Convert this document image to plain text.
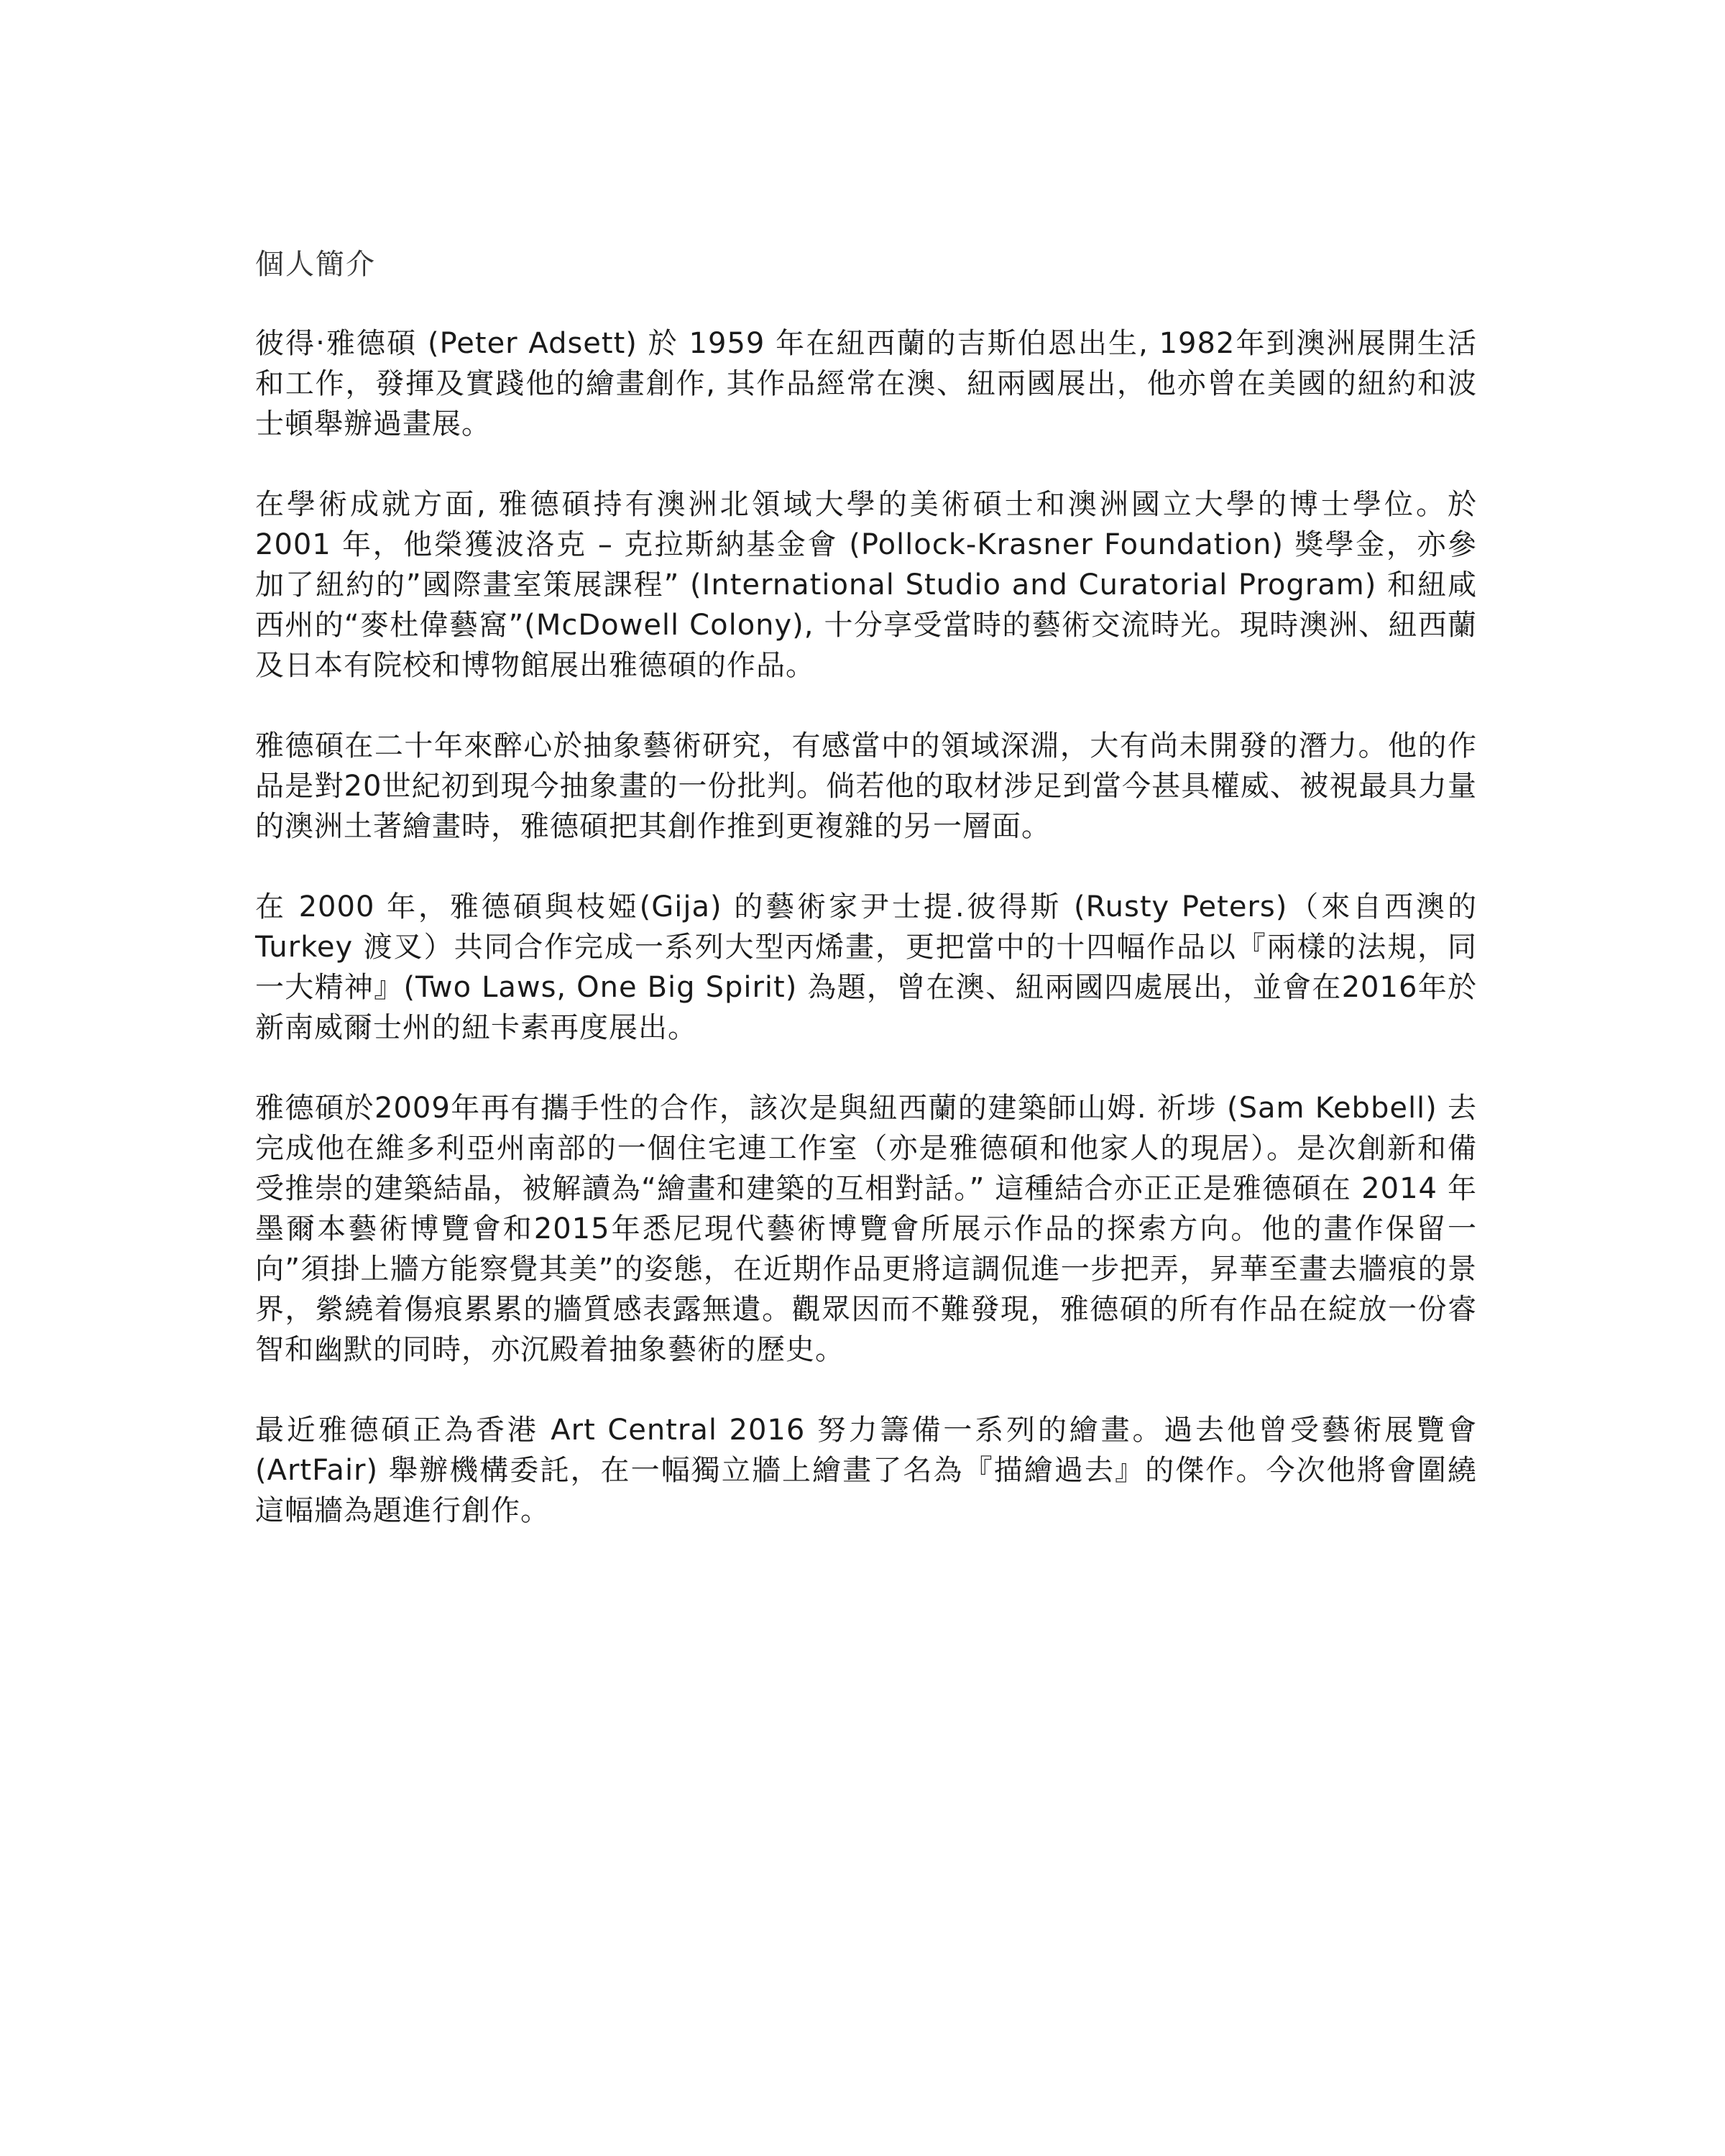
個人簡介

彼得‧雅德碩 (Peter Adsett) 於 1959 年在紐西蘭的吉斯伯恩出生, 1982年到澳洲展開生活和工作，發揮及實踐他的繪畫創作, 其作品經常在澳、紐兩國展出，他亦曾在美國的紐約和波士頓舉辦過畫展。

在學術成就方面, 雅德碩持有澳洲北領域大學的美術碩士和澳洲國立大學的博士學位。於 2001 年，他榮獲波洛克 – 克拉斯納基金會 (Pollock-Krasner Foundation) 獎學金，亦參加了紐約的”國際畫室策展課程” (International Studio and Curatorial Program) 和紐咸西州的“麥杜偉藝窩”(McDowell Colony), 十分享受當時的藝術交流時光。現時澳洲、紐西蘭及日本有院校和博物館展出雅德碩的作品。

雅德碩在二十年來醉心於抽象藝術研究，有感當中的領域深淵，大有尚未開發的潛力。他的作品是對20世紀初到現今抽象畫的一份批判。倘若他的取材涉足到當今甚具權威、被視最具力量的澳洲土著繪畫時，雅德碩把其創作推到更複雜的另一層面。

在 2000 年，雅德碩與枝婭(Gija) 的藝術家尹士提.彼得斯 (Rusty Peters)（來自西澳的 Turkey 渡叉）共同合作完成一系列大型丙烯畫，更把當中的十四幅作品以『兩樣的法規，同一大精神』(Two Laws, One Big Spirit) 為題，曾在澳、紐兩國四處展出，並會在2016年於新南威爾士州的紐卡素再度展出。

雅德碩於2009年再有攜手性的合作，該次是與紐西蘭的建築師山姆. 祈埗 (Sam Kebbell) 去完成他在維多利亞州南部的一個住宅連工作室（亦是雅德碩和他家人的現居）。是次創新和備受推崇的建築結晶，被解讀為“繪畫和建築的互相對話。” 這種結合亦正正是雅德碩在 2014 年墨爾本藝術博覽會和2015年悉尼現代藝術博覽會所展示作品的探索方向。他的畫作保留一向”須掛上牆方能察覺其美”的姿態，在近期作品更將這調侃進一步把弄，昇華至畫去牆痕的景界，縈繞着傷痕累累的牆質感表露無遺。觀眾因而不難發現，雅德碩的所有作品在綻放一份睿智和幽默的同時，亦沉殿着抽象藝術的歷史。

最近雅德碩正為香港 Art Central 2016 努力籌備一系列的繪畫。過去他曾受藝術展覽會 (ArtFair) 舉辦機構委託，在一幅獨立牆上繪畫了名為『描繪過去』的傑作。今次他將會圍繞這幅牆為題進行創作。
